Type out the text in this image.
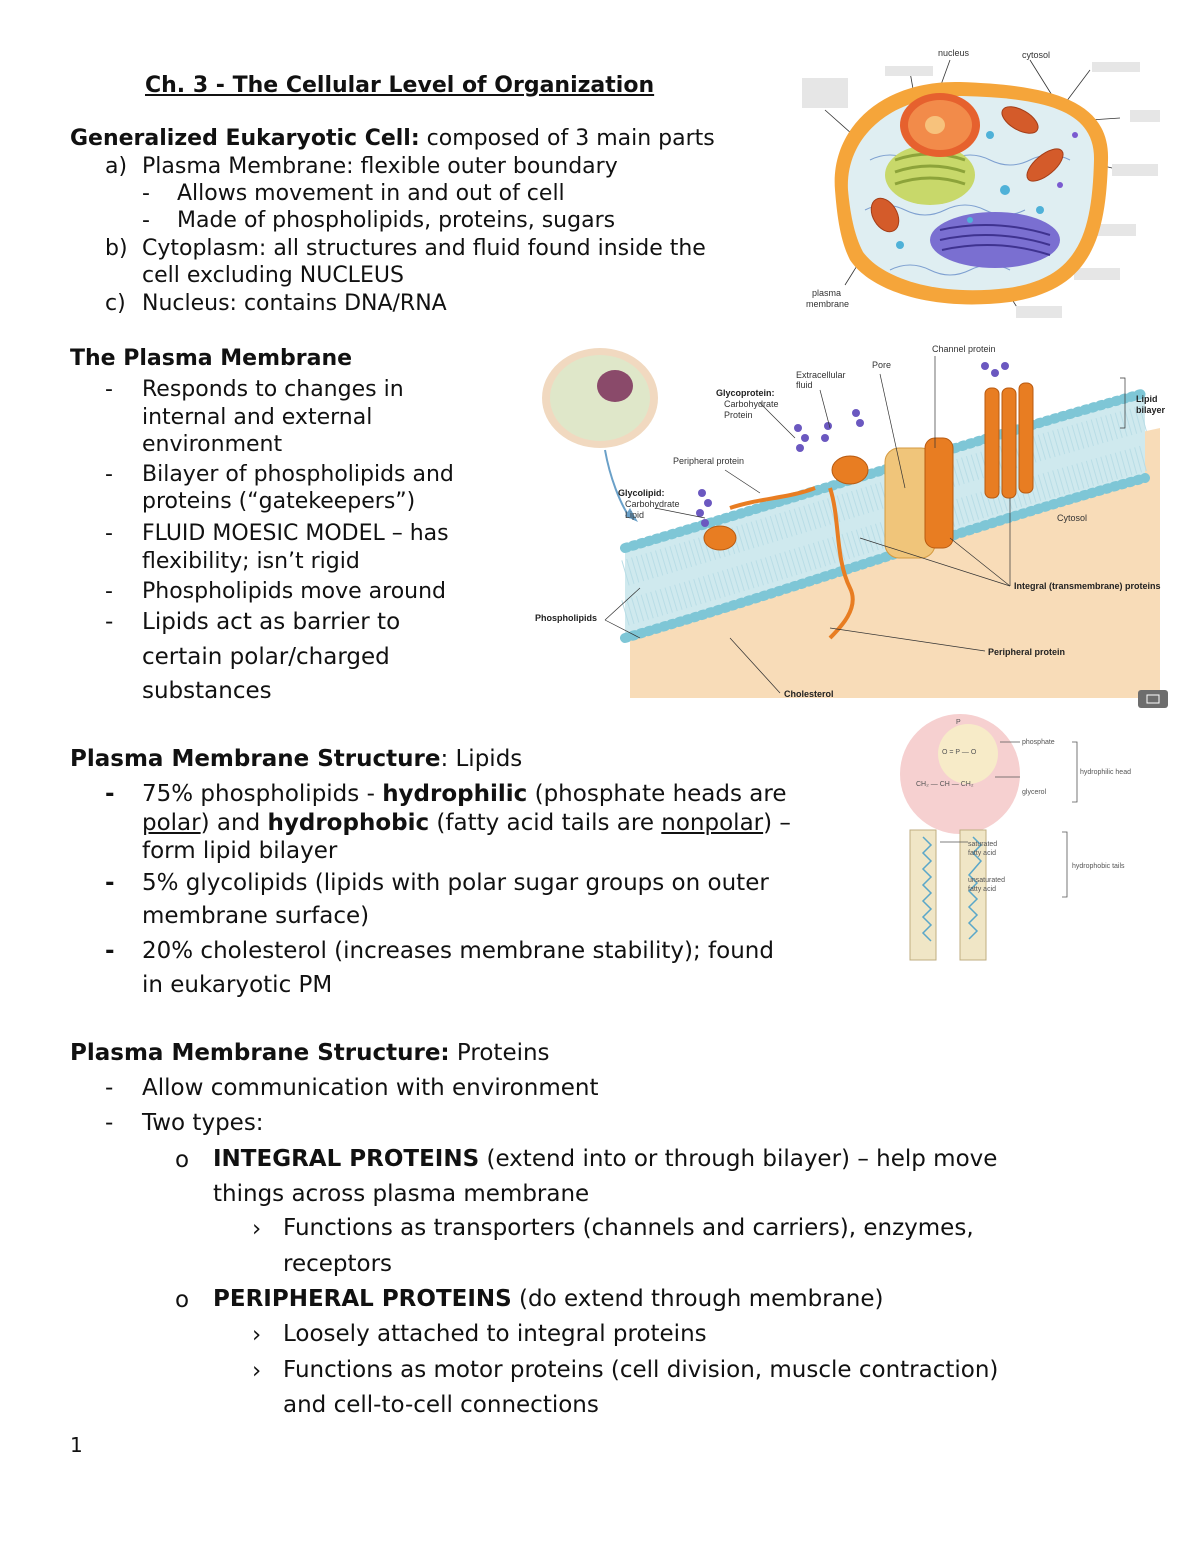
Ch. 3 - The Cellular Level of Organization
Generalized Eukaryotic Cell: composed of 3 main parts
a) Plasma Membrane: flexible outer boundary
- Allows movement in and out of cell
- Made of phospholipids, proteins, sugars
b) Cytoplasm: all structures and fluid found inside the
cell excluding NUCLEUS
c) Nucleus: contains DNA/RNA
The Plasma Membrane
- Responds to changes in
internal and external
environment
- Bilayer of phospholipids and
proteins (“gatekeepers”)
- FLUID MOESIC MODEL – has
flexibility; isn’t rigid
- Phospholipids move around
- Lipids act as barrier to
certain polar/charged
substances
Plasma Membrane Structure: Lipids
- 75% phospholipids - hydrophilic (phosphate heads are
polar) and hydrophobic (fatty acid tails are nonpolar) –
form lipid bilayer
- 5% glycolipids (lipids with polar sugar groups on outer
membrane surface)
- 20% cholesterol (increases membrane stability); found
in eukaryotic PM
Plasma Membrane Structure: Proteins
- Allow communication with environment
- Two types:
o INTEGRAL PROTEINS (extend into or through bilayer) – help move
things across plasma membrane
› Functions as transporters (channels and carriers), enzymes,
receptors
o PERIPHERAL PROTEINS (do extend through membrane)
› Loosely attached to integral proteins
› Functions as motor proteins (cell division, muscle contraction)
and cell-to-cell connections
1
nucleus	cytosol
plasma
membrane
Channel protein
Pore
Extracellular
fluid
Glycoprotein:
Carbohydrate
Protein
Lipid
bilayer
Peripheral protein
Glycolipid:
Carbohydrate
Lipid	Cytosol
Integral (transmembrane) proteins
Phospholipids
Peripheral protein
Cholesterol
P
O = P — O
CH₂ — CH — CH₂
phosphate
glycerol
hydrophilic head
saturated
fatty acid
unsaturated
fatty acid
hydrophobic tails
